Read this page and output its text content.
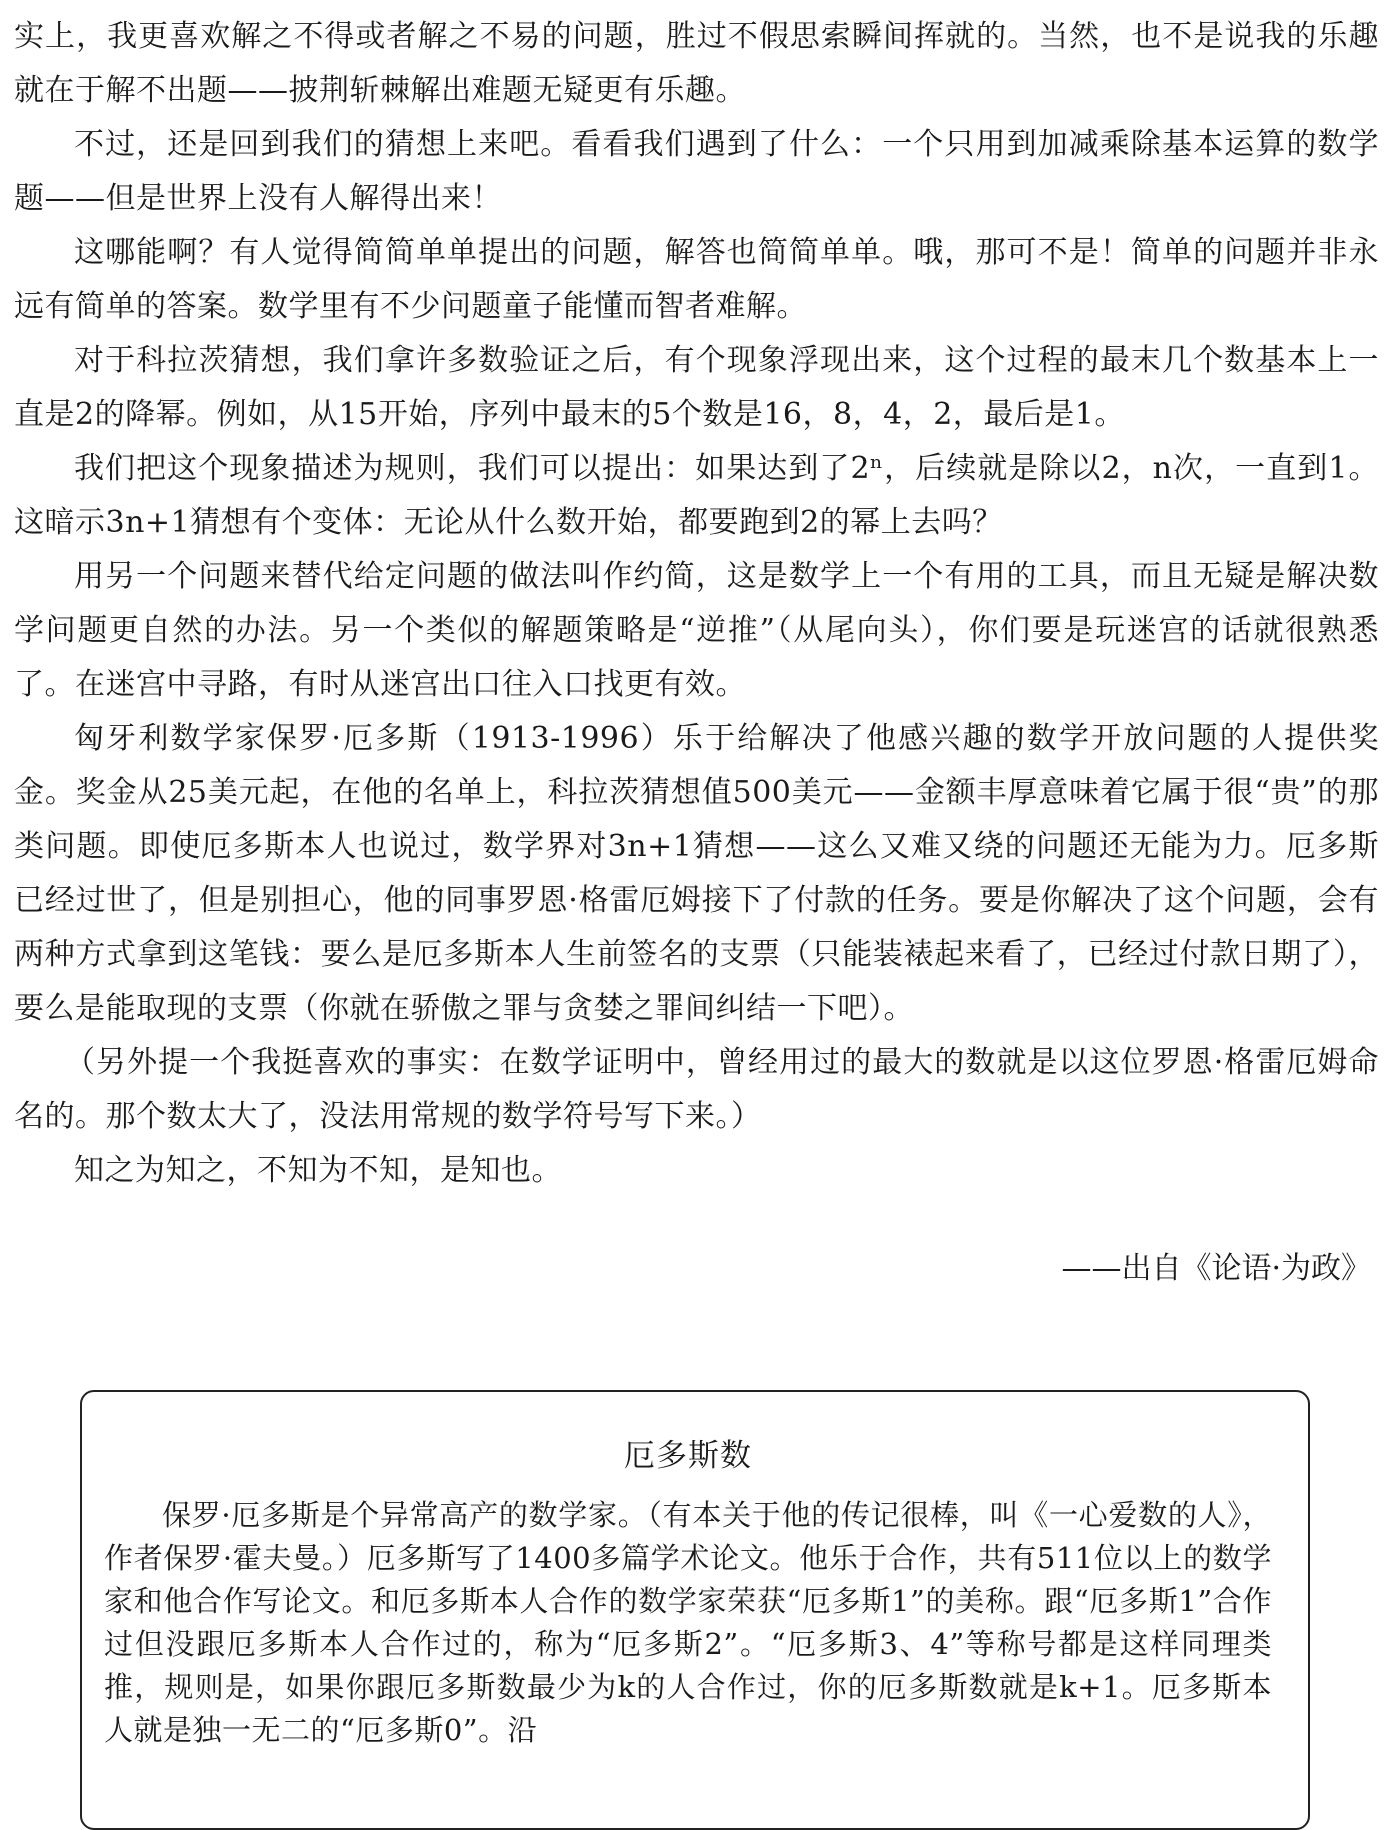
实上，我更喜欢解之不得或者解之不易的问题，胜过不假思索瞬间挥就的。当然，也不是说我的乐趣就在于解不出题——披荆斩棘解出难题无疑更有乐趣。

不过，还是回到我们的猜想上来吧。看看我们遇到了什么：一个只用到加减乘除基本运算的数学题——但是世界上没有人解得出来！

这哪能啊？有人觉得简简单单提出的问题，解答也简简单单。哦，那可不是！简单的问题并非永远有简单的答案。数学里有不少问题童子能懂而智者难解。

对于科拉茨猜想，我们拿许多数验证之后，有个现象浮现出来，这个过程的最末几个数基本上一直是2的降幂。例如，从15开始，序列中最末的5个数是16，8，4，2，最后是1。

我们把这个现象描述为规则，我们可以提出：如果达到了2ⁿ，后续就是除以2，n次，一直到1。这暗示3n+1猜想有个变体：无论从什么数开始，都要跑到2的幂上去吗？

用另一个问题来替代给定问题的做法叫作约简，这是数学上一个有用的工具，而且无疑是解决数学问题更自然的办法。另一个类似的解题策略是“逆推”（从尾向头），你们要是玩迷宫的话就很熟悉了。在迷宫中寻路，有时从迷宫出口往入口找更有效。

匈牙利数学家保罗·厄多斯（1913-1996）乐于给解决了他感兴趣的数学开放问题的人提供奖金。奖金从25美元起，在他的名单上，科拉茨猜想值500美元——金额丰厚意味着它属于很“贵”的那类问题。即使厄多斯本人也说过，数学界对3n+1猜想——这么又难又绕的问题还无能为力。厄多斯已经过世了，但是别担心，他的同事罗恩·格雷厄姆接下了付款的任务。要是你解决了这个问题，会有两种方式拿到这笔钱：要么是厄多斯本人生前签名的支票（只能装裱起来看了，已经过付款日期了），要么是能取现的支票（你就在骄傲之罪与贪婪之罪间纠结一下吧）。

（另外提一个我挺喜欢的事实：在数学证明中，曾经用过的最大的数就是以这位罗恩·格雷厄姆命名的。那个数太大了，没法用常规的数学符号写下来。）

知之为知之，不知为不知，是知也。

——出自《论语·为政》
厄多斯数

保罗·厄多斯是个异常高产的数学家。（有本关于他的传记很棒，叫《一心爱数的人》，作者保罗·霍夫曼。）厄多斯写了1400多篇学术论文。他乐于合作，共有511位以上的数学家和他合作写论文。和厄多斯本人合作的数学家荣获“厄多斯1”的美称。跟“厄多斯1”合作过但没跟厄多斯本人合作过的，称为“厄多斯2”。“厄多斯3、4”等称号都是这样同理类推，规则是，如果你跟厄多斯数最少为k的人合作过，你的厄多斯数就是k+1。厄多斯本人就是独一无二的“厄多斯0”。沿
